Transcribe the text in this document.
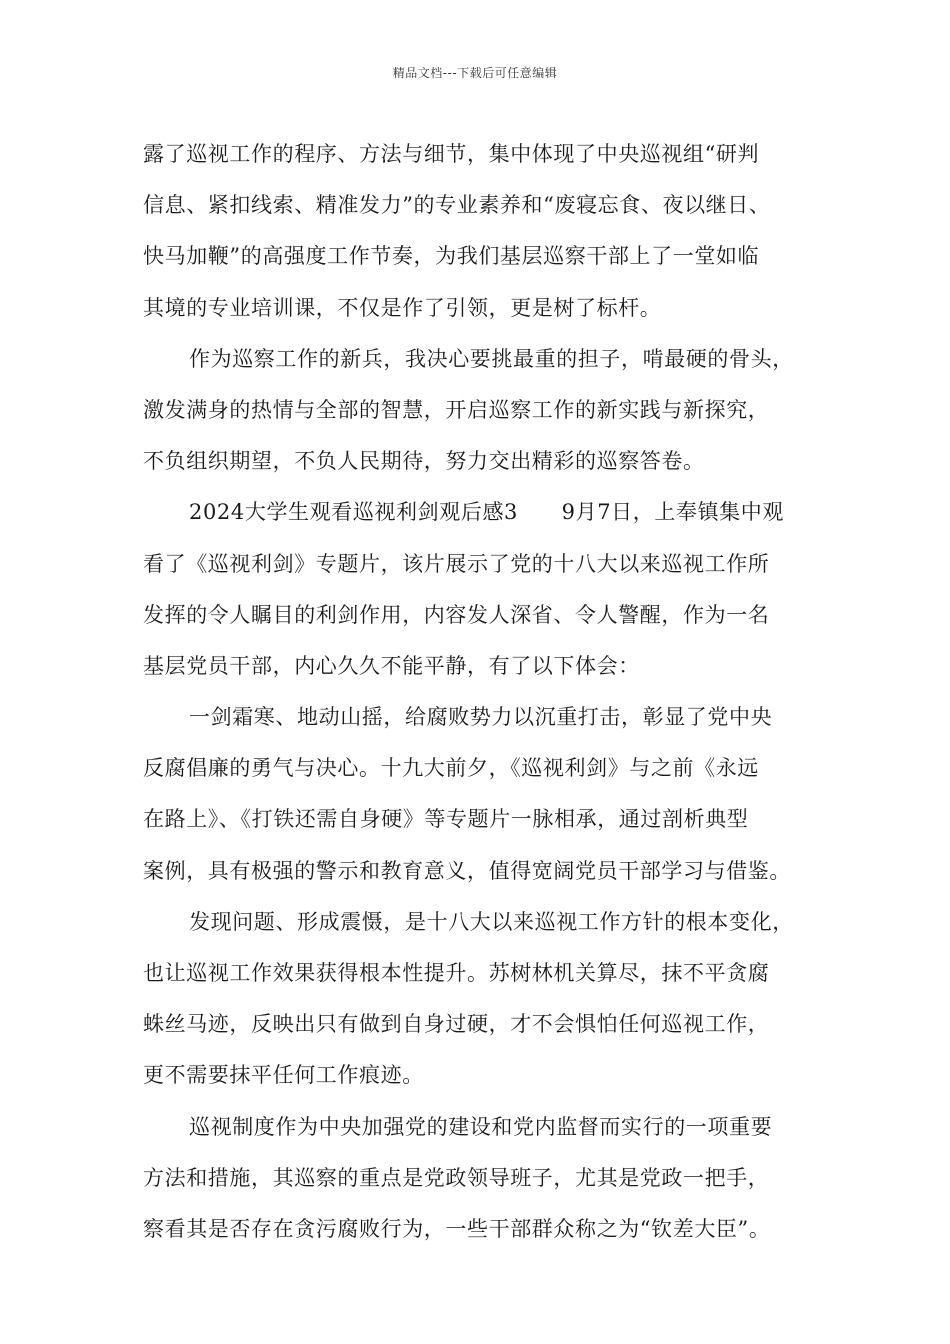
精品文档---下载后可任意编辑
露了巡视工作的程序、方法与细节，集中体现了中央巡视组“研判
信息、紧扣线索、精准发力”的专业素养和“废寝忘食、夜以继日、
快马加鞭”的高强度工作节奏，为我们基层巡察干部上了一堂如临
其境的专业培训课，不仅是作了引领，更是树了标杆。
作为巡察工作的新兵，我决心要挑最重的担子，啃最硬的骨头，
激发满身的热情与全部的智慧，开启巡察工作的新实践与新探究，
不负组织期望，不负人民期待，努力交出精彩的巡察答卷。
2024大学生观看巡视利剑观后感3      9月7日，上奉镇集中观
看了《巡视利剑》专题片，该片展示了党的十八大以来巡视工作所
发挥的令人瞩目的利剑作用，内容发人深省、令人警醒，作为一名
基层党员干部，内心久久不能平静，有了以下体会：
一剑霜寒、地动山摇，给腐败势力以沉重打击，彰显了党中央
反腐倡廉的勇气与决心。十九大前夕，《巡视利剑》与之前《永远
在路上》、《打铁还需自身硬》等专题片一脉相承，通过剖析典型
案例，具有极强的警示和教育意义，值得宽阔党员干部学习与借鉴。
发现问题、形成震慑，是十八大以来巡视工作方针的根本变化，
也让巡视工作效果获得根本性提升。苏树林机关算尽，抹不平贪腐
蛛丝马迹，反映出只有做到自身过硬，才不会惧怕任何巡视工作，
更不需要抹平任何工作痕迹。
巡视制度作为中央加强党的建设和党内监督而实行的一项重要
方法和措施，其巡察的重点是党政领导班子，尤其是党政一把手，
察看其是否存在贪污腐败行为，一些干部群众称之为“钦差大臣”。
